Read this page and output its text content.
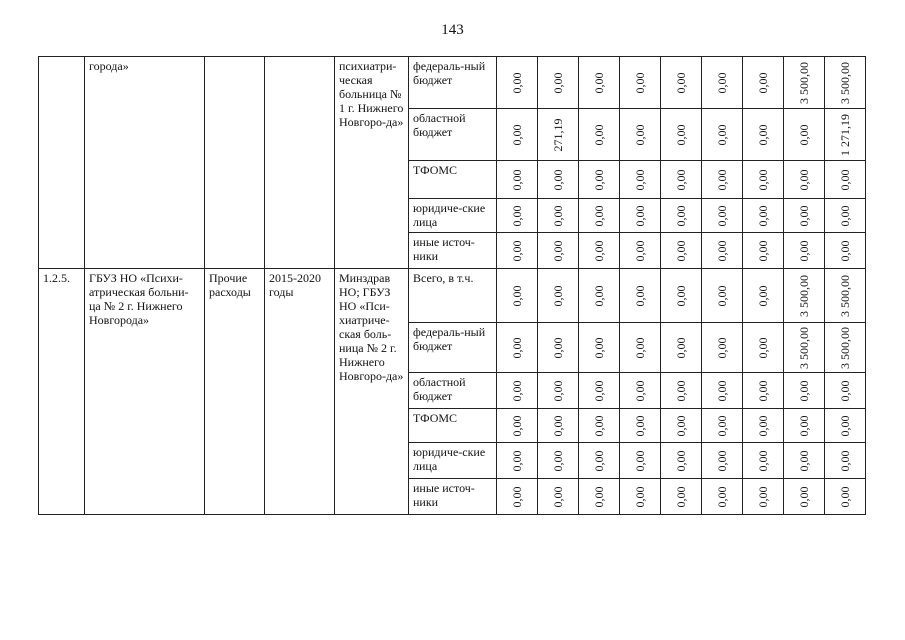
143
	города»			психиатри-ческая больница № 1 г. Нижнего Новгоро-да»	федераль-ный бюджет	0,00	0,00	0,00	0,00	0,00	0,00	0,00	3 500,00	3 500,00

					областной бюджет	0,00	271,19	0,00	0,00	0,00	0,00	0,00	0,00	1 271,19

					ТФОМС	0,00	0,00	0,00	0,00	0,00	0,00	0,00	0,00	0,00

					юридиче-ские лица	0,00	0,00	0,00	0,00	0,00	0,00	0,00	0,00	0,00

					иные источ-ники	0,00	0,00	0,00	0,00	0,00	0,00	0,00	0,00	0,00

1.2.5.	ГБУЗ НО «Психи-атрическая больни-ца № 2 г. Нижнего Новгорода»	Прочие расходы	2015-2020 годы	Минздрав НО; ГБУЗ НО «Пси-хиатриче-ская боль-ница № 2 г. Нижнего Новгоро-да»	Всего, в т.ч.	0,00	0,00	0,00	0,00	0,00	0,00	0,00	3 500,00	3 500,00

					федераль-ный бюджет	0,00	0,00	0,00	0,00	0,00	0,00	0,00	3 500,00	3 500,00

					областной бюджет	0,00	0,00	0,00	0,00	0,00	0,00	0,00	0,00	0,00

					ТФОМС	0,00	0,00	0,00	0,00	0,00	0,00	0,00	0,00	0,00

					юридиче-ские лица	0,00	0,00	0,00	0,00	0,00	0,00	0,00	0,00	0,00

					иные источ-ники	0,00	0,00	0,00	0,00	0,00	0,00	0,00	0,00	0,00
